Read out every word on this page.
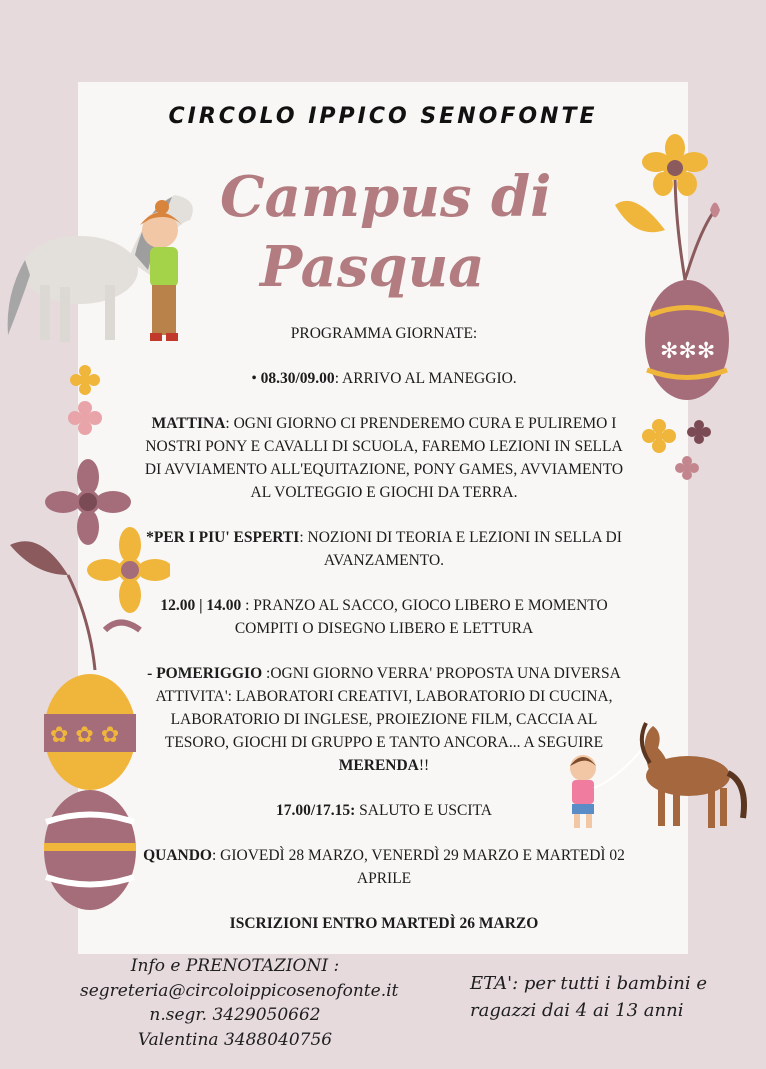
✻✻✻
✿ ✿ ✿
CIRCOLO IPPICO SENOFONTE
Campus di
Pasqua

PROGRAMMA GIORNATE:

• 08.30/09.00: ARRIVO AL MANEGGIO.

MATTINA: OGNI GIORNO CI PRENDEREMO CURA E PULIREMO I NOSTRI PONY E CAVALLI DI SCUOLA, FAREMO LEZIONI IN SELLA DI AVVIAMENTO ALL'EQUITAZIONE, PONY GAMES, AVVIAMENTO AL VOLTEGGIO E GIOCHI DA TERRA.

*PER I PIU' ESPERTI: NOZIONI DI TEORIA E LEZIONI IN SELLA DI AVANZAMENTO.

12.00 | 14.00 : PRANZO AL SACCO, GIOCO LIBERO E MOMENTO COMPITI O DISEGNO LIBERO E LETTURA

- POMERIGGIO :OGNI GIORNO VERRA' PROPOSTA UNA DIVERSA ATTIVITA': LABORATORI CREATIVI, LABORATORIO DI CUCINA, LABORATORIO DI INGLESE, PROIEZIONE FILM, CACCIA AL TESORO, GIOCHI DI GRUPPO E TANTO ANCORA... A SEGUIRE MERENDA!!

17.00/17.15: SALUTO E USCITA

QUANDO: GIOVEDÌ 28 MARZO, VENERDÌ 29 MARZO E MARTEDÌ 02 APRILE

ISCRIZIONI ENTRO MARTEDÌ 26 MARZO

Info e PRENOTAZIONI :
segreteria@circoloippicosenofonte.it
n.segr. 3429050662
Valentina 3488040756
ETA': per tutti i bambini e
ragazzi dai 4 ai 13 anni
